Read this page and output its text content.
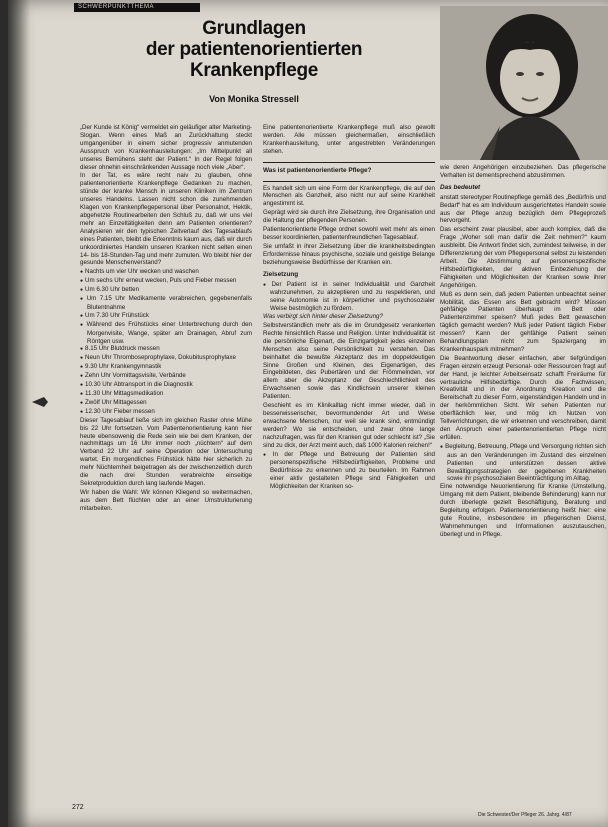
SCHWERPUNKTTHEMA
Grundlagen
der patientenorientierten
Krankenpflege
Von Monika Stressell

„Der Kunde ist König“ vermeldet ein geläufiger alter Marketing-Slogan. Wenn eines Maß an Zurückhaltung steckt umgangenüber in einem sicher progressiv anmutenden Ausspruch von Krankenhausleitungen: „Im Mittelpunkt all unseres Bemühens steht der Patient.“ In der Regel folgen dieser ohnehin einschränkenden Aussage noch viele „Aber“.

In der Tat, es wäre recht naiv zu glauben, ohne patientenorientierte Krankenpflege Gedanken zu machen, stünde der kranke Mensch in unseren Kliniken im Zentrum unseres Handelns. Lassen nicht schon die zunehmenden Klagen von Krankenpflegepersonal über Personalnot, Hektik, abgehetzte Routinearbeiten den Schluß zu, daß wir uns viel mehr an Einzeltätigkeiten denn am Patienten orientieren? Analysieren wir den typischen Zeitverlauf des Tagesablaufs eines Patienten, bleibt die Erkenntnis kaum aus, daß wir durch unkoordiniertes Handeln unseren Kranken nicht selten einen 14- bis 18-Stunden-Tag und mehr zumuten. Wo bleibt hier der gesunde Menschenverstand?

● Nachts um vier Uhr wecken und waschen
● Um sechs Uhr erneut wecken, Puls und Fieber messen
● Um 6.30 Uhr betten
● Um 7.15 Uhr Medikamente verabreichen, gegebenenfalls Blutentnahme
● Um 7.30 Uhr Frühstück
● Während des Frühstücks einer Unterbrechung durch den Morgenvisite, Wange, später am Drainagen, Abruf zum Röntgen usw.
● 8.15 Uhr Blutdruck messen
● Neun Uhr Thromboseprophylaxe, Dokubitusprophylaxe
● 9.30 Uhr Krankengymnastik
● Zehn Uhr Vormittagsvisite, Verbände
● 10.30 Uhr Abtransport in die Diagnostik
● 11.30 Uhr Mittagsmedikation
● Zwölf Uhr Mittagessen
● 12.30 Uhr Fieber messen

Dieser Tagesablauf ließe sich im gleichen Raster ohne Mühe bis 22 Uhr fortsetzen. Vom Patientenorientierung kann hier heute ebensowenig die Rede sein wie bei dem Kranken, der nachmittags um 16 Uhr immer noch „nüchtern“ auf dem Verband 22 Uhr auf seine Operation oder Untersuchung wartet. Ein morgendliches Frühstück hätte hier sicherlich zu mehr Nüchternheit beigetragen als der zwischenzeitlich durch die nach drei Stunden verabreichte einseitige Sekretproduktion durch lang laufende Magen.

Wir haben die Wahl: Wir können Kliegend so weitermachen, aus dem Bett flüchten oder an einer Umstrukturierung mitarbeiten.

Eine patientenorientierte Krankenpflege muß also gewollt werden. Alle müssen gleichermaßen, einschließlich Krankenhausleitung, unter angestrebten Veränderungen stehen.

Was ist patientenorientierte Pflege?

Es handelt sich um eine Form der Krankenpflege, die auf den Menschen als Ganzheit, also nicht nur auf seine Krankheit angestimmt ist.

Geprägt wird sie durch ihre Zielsetzung, ihre Organisation und die Haltung der pflegenden Personen.

Patientenorientierte Pflege ordnet sowohl weit mehr als einen besser koordinierten, patientenfreundlichen Tagesablauf.

Sie umfaßt in ihrer Zielsetzung über die krankheitsbedingten Erfordernisse hinaus psychische, soziale und geistige Belange beziehungsweise Bedürfnisse der Kranken ein.

Zielsetzung
● Der Patient ist in seiner Individualität und Ganzheit wahrzunehmen, zu akzeptieren und zu respektieren, und seine Autonomie ist in körperlicher und psychosozialer Weise bestmöglich zu fördern.

Was verbirgt sich hinter dieser Zielsetzung?

Selbstverständlich mehr als die im Grundgesetz verankerten Rechte hinsichtlich Rasse und Religion. Unter Individualität ist die persönliche Eigenart, die Einzigartigkeit jedes einzelnen Menschen also seine Persönlichkeit zu verstehen. Das beinhaltet die bewußte Akzeptanz des im doppeldeutigen Sinne Großen und Kleinen, des Eigenartigen, des Eingebildeten, des Pubertären und der Frömmelnden, vor allem aber die Akzeptanz der Geschlechtlichkeit des Erwachsenen sowie das Kindlichsein unserer kleinen Patienten.

Geschieht es im Klinikalltag nicht immer wieder, daß in besserwisserischer, bevormundender Art und Weise erwachsene Menschen, nur weil sie krank sind, entmündigt werden? Wo sie entscheiden, und zwar ohne lange nachzufragen, was für den Kranken gut oder schlecht ist? „Sie sind zu dick, der Arzt meint auch, daß 1000 Kalorien reichen!“

● In der Pflege und Betreuung der Patienten sind personenspezifische Hilfsbedürftigkeiten, Probleme und Bedürfnisse zu erkennen und zu beurteilen. Im Rahmen einer aktiv gestalteten Pflege sind Fähigkeiten und Möglichkeiten der Kranken so-

wie deren Angehörigen einzubeziehen. Das pflegerische Verhalten ist dementsprechend abzustimmen.

Das bedeutet

anstatt stereotyper Routinepflege gemäß des „Bedürfnis und Bedarf“ hat es am Individuum ausgerichtetes Handeln sowie aus der Pflege anzug bezüglich dem Pflegeprozeß hervorgeht.

Das erscheint zwar plausibel, aber auch komplex, daß die Frage „Woher soll man dafür die Zeit nehmen?“ kaum ausbleibt. Die Antwort findet sich, zumindest teilweise, in der Differenzierung der vom Pflegepersonal selbst zu leistenden Arbeit. Die Abstimmung auf personenspezifische Hilfsbedürftigkeiten, der aktiven Einbeziehung der Fähigkeiten und Möglichkeiten der Kranken sowie ihrer Angehörigen.

Muß es denn sein, daß jedem Patienten unbeachtet seiner Mobilität, das Essen ans Bett gebracht wird? Müssen gehfähige Patienten überhaupt im Bett oder Patientenzimmer speisen? Muß jedes Bett gewaschen täglich gemacht werden? Muß jeder Patient täglich Fieber messen? Kann der gehfähige Patient seinen Behandlungsplan nicht zum Spaziergang im Krankenhauspark mitnehmen?

Die Beantwortung dieser einfachen, aber tiefgründigen Fragen einzeln erzeugt Personal- oder Ressourcen fragt auf der Hand, je leichter Arbeitseinsatz schafft Freiräume für vertrauliche Hilfsbedürftige. Durch die Fachwissen, Kreativität und in der Anordnung Kreation und die Bereitschaft zu dieser Form, eigenständigen Handeln und in der herkömmlichen Sicht. Wir sehen Patienten nur oberflächlich leer, und mög ich Nutzen von Tellverrichtungen, die wir erkennen und verschreiben, damit den Anspruch einer patientenorientierten Pflege nicht erfüllen.

● Begleitung, Betreuung, Pflege und Versorgung richten sich aus an den Veränderungen im Zustand des einzelnen Patienten und unterstützen dessen aktive Bewältigungsstrategien der gegebenen Krankheiten sowie ihr psychosozialen Beeinträchtigung im Alltag.

Eine notwendige Neuorientierung für Kranke (Umstellung, Umgang mit dem Patient, bleibende Behinderung) kann nur durch überlegte gezielt Beschäftigung, Beratung und Begleitung erfolgen. Patientenorientierung heißt hier: eine gute Routine, insbesondere im pflegerischen Dienst, Wahrnehmungen und Informationen auszutauschen, überlegt und in Pflege.

272
Die Schwester/Der Pfleger 26. Jahrg. 4/87
